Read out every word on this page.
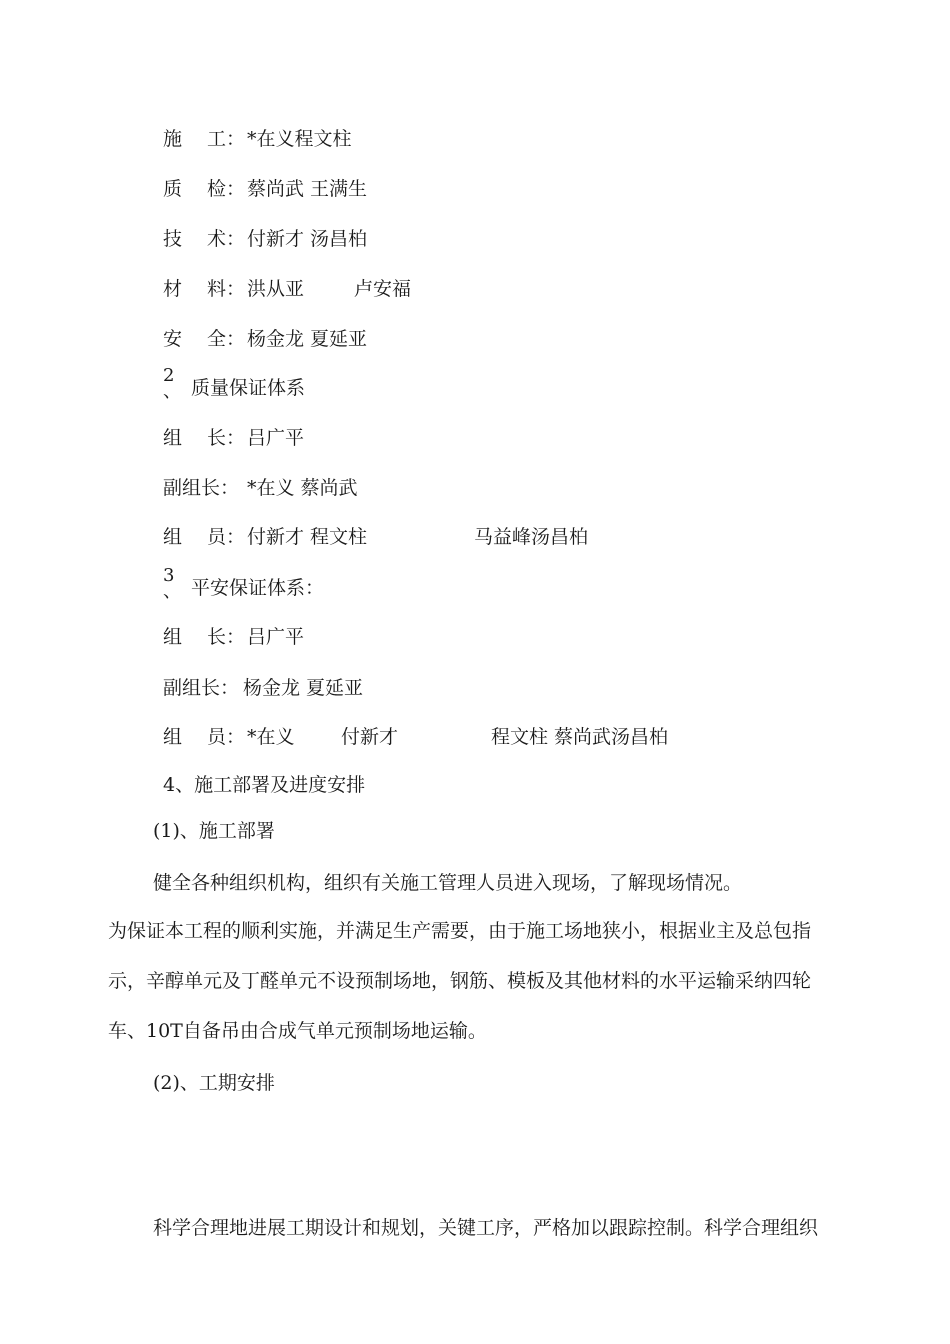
施 工： *在义程文柱
质 检： 蔡尚武 王满生
技 术： 付新才 汤昌柏
材 料： 洪从亚	卢安福
安 全： 杨金龙 夏延亚
2
、 质量保证体系
组 长： 吕广平
副组长： *在义 蔡尚武
组 员： 付新才 程文柱	马益峰汤昌柏
3
、 平安保证体系：
组 长： 吕广平
副组长： 杨金龙 夏延亚
组 员： *在义 付新才	程文柱 蔡尚武汤昌柏
4、施工部署及进度安排
(1)、施工部署
健全各种组织机构，组织有关施工管理人员进入现场，了解现场情况。
为保证本工程的顺利实施，并满足生产需要，由于施工场地狭小，根据业主及总包指
示，辛醇单元及丁醛单元不设预制场地，钢筋、模板及其他材料的水平运输采纳四轮
车、10T自备吊由合成气单元预制场地运输。
(2)、工期安排
科学合理地进展工期设计和规划，关键工序，严格加以跟踪控制。科学合理组织
